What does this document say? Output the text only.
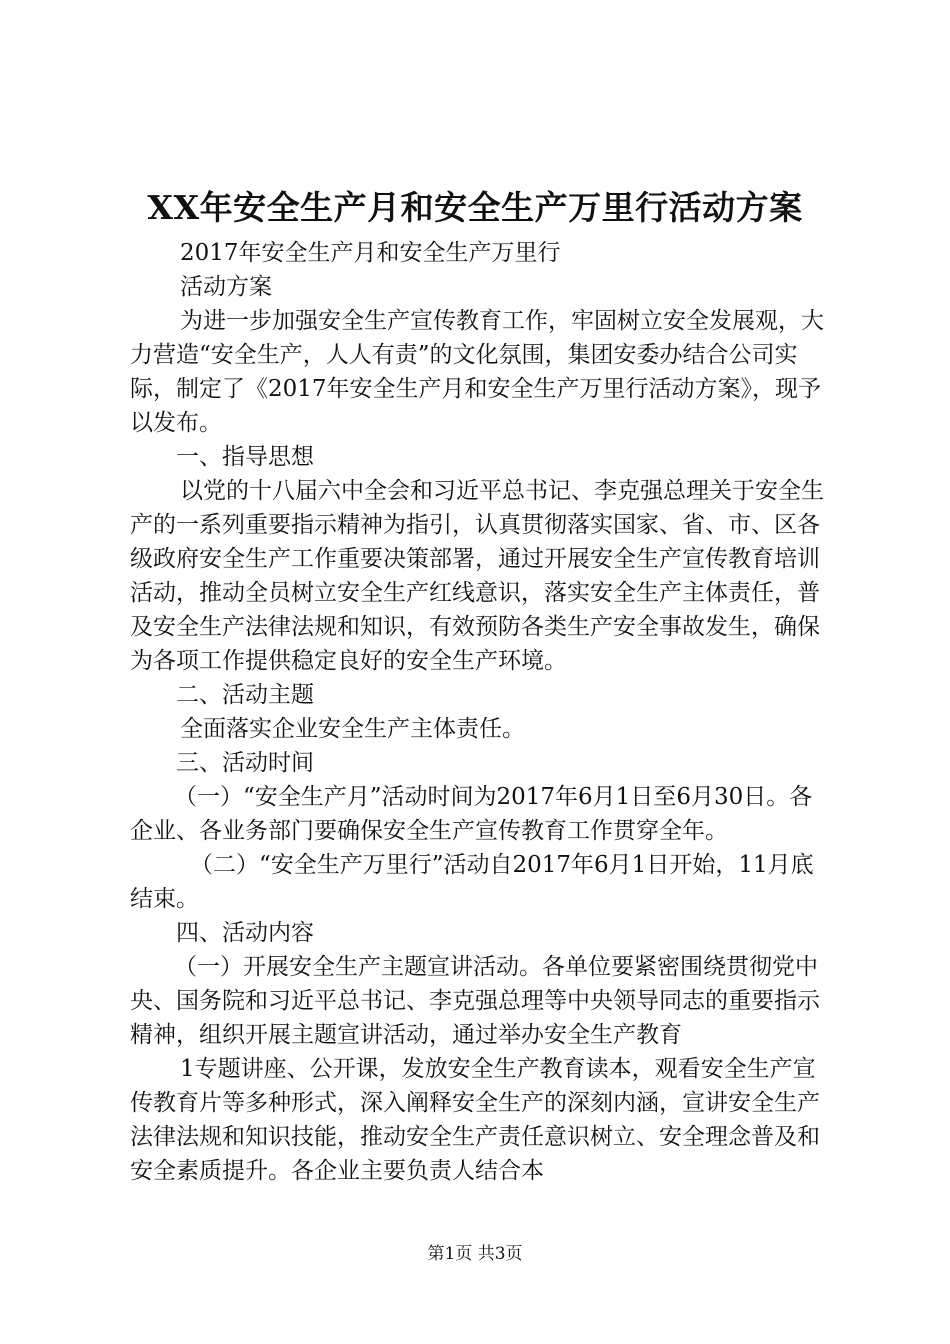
XX年安全生产月和安全生产万里行活动方案

2017年安全生产月和安全生产万里行

活动方案

为进一步加强安全生产宣传教育工作，牢固树立安全发展观，大力营造“安全生产，人人有责”的文化氛围，集团安委办结合公司实际，制定了《2017年安全生产月和安全生产万里行活动方案》，现予以发布。

一、指导思想

以党的十八届六中全会和习近平总书记、李克强总理关于安全生产的一系列重要指示精神为指引，认真贯彻落实国家、省、市、区各级政府安全生产工作重要决策部署，通过开展安全生产宣传教育培训活动，推动全员树立安全生产红线意识，落实安全生产主体责任，普及安全生产法律法规和知识，有效预防各类生产安全事故发生，确保为各项工作提供稳定良好的安全生产环境。

二、活动主题

全面落实企业安全生产主体责任。

三、活动时间

（一）“安全生产月”活动时间为2017年6月1日至6月30日。各企业、各业务部门要确保安全生产宣传教育工作贯穿全年。

（二）“安全生产万里行”活动自2017年6月1日开始，11月底结束。

四、活动内容

（一）开展安全生产主题宣讲活动。各单位要紧密围绕贯彻党中央、国务院和习近平总书记、李克强总理等中央领导同志的重要指示精神，组织开展主题宣讲活动，通过举办安全生产教育

1专题讲座、公开课，发放安全生产教育读本，观看安全生产宣传教育片等多种形式，深入阐释安全生产的深刻内涵，宣讲安全生产法律法规和知识技能，推动安全生产责任意识树立、安全理念普及和安全素质提升。各企业主要负责人结合本

第1页 共3页
